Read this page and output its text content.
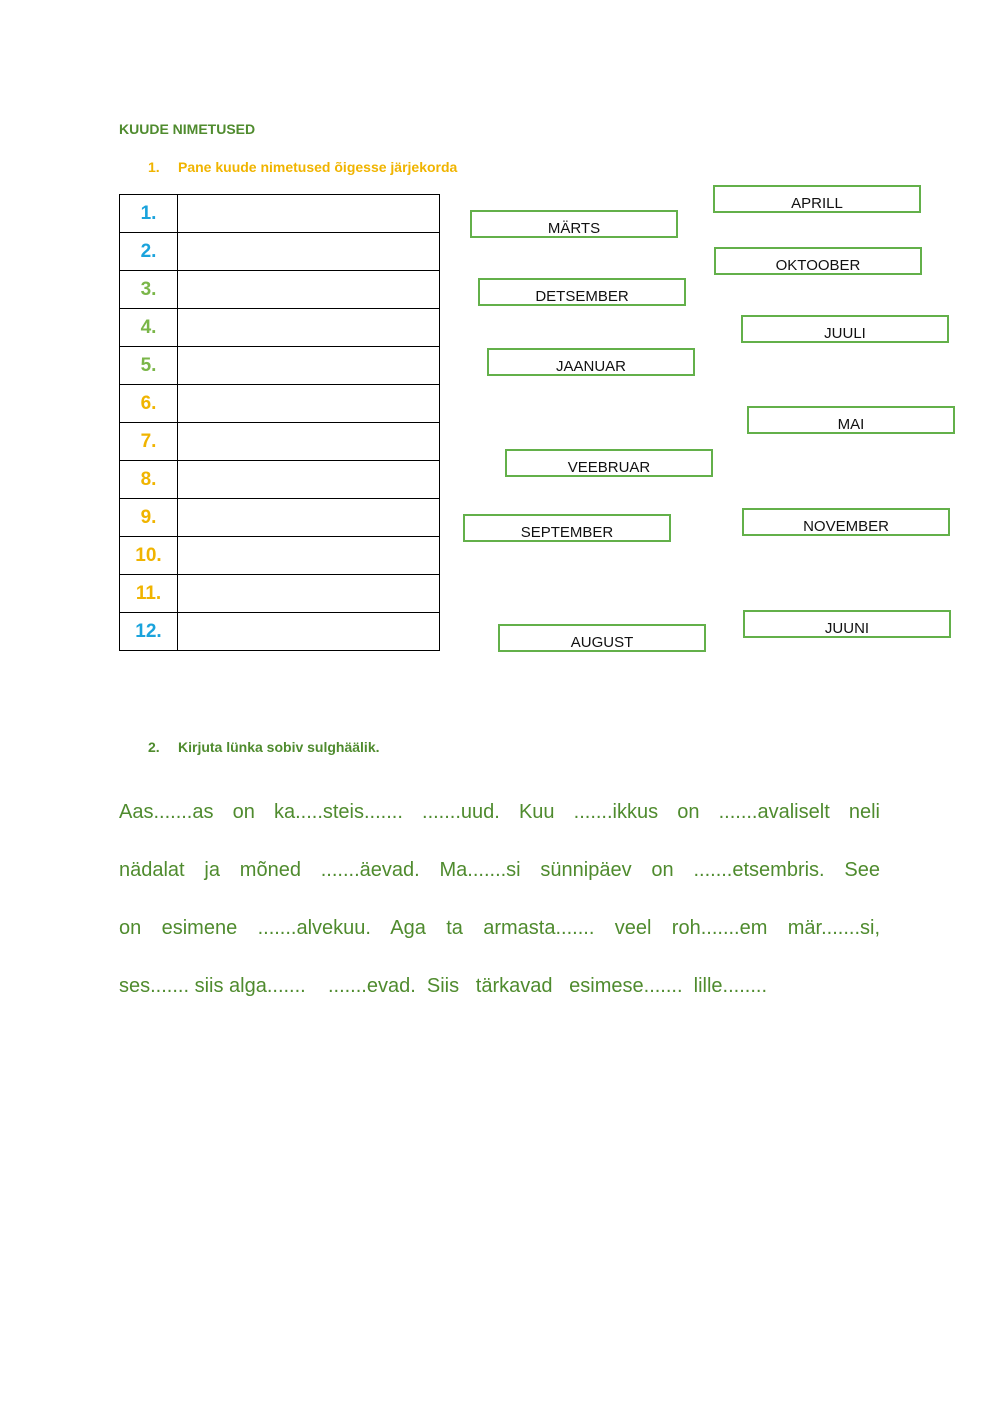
KUUDE NIMETUSED
1. Pane kuude nimetused õigesse järjekorda
1.	
2.	
3.	
4.	
5.	
6.	
7.	
8.	
9.	
10.	
11.	
12.	
APRILL
MÄRTS
OKTOOBER
DETSEMBER
JUULI
JAANUAR
MAI
VEEBRUAR
SEPTEMBER	NOVEMBER
JUUNI
AUGUST
2. Kirjuta lünka sobiv sulghäälik.
Aas.......as on ka.....steis....... .......uud. Kuu .......ikkus on .......avaliselt neli
nädalat ja mõned .......äevad. Ma.......si sünnipäev on .......etsembris. See
on esimene .......alvekuu. Aga ta armasta....... veel roh.......em mär.......si,
ses....... siis alga.......    .......evad.  Siis   tärkavad   esimese.......  lille........
